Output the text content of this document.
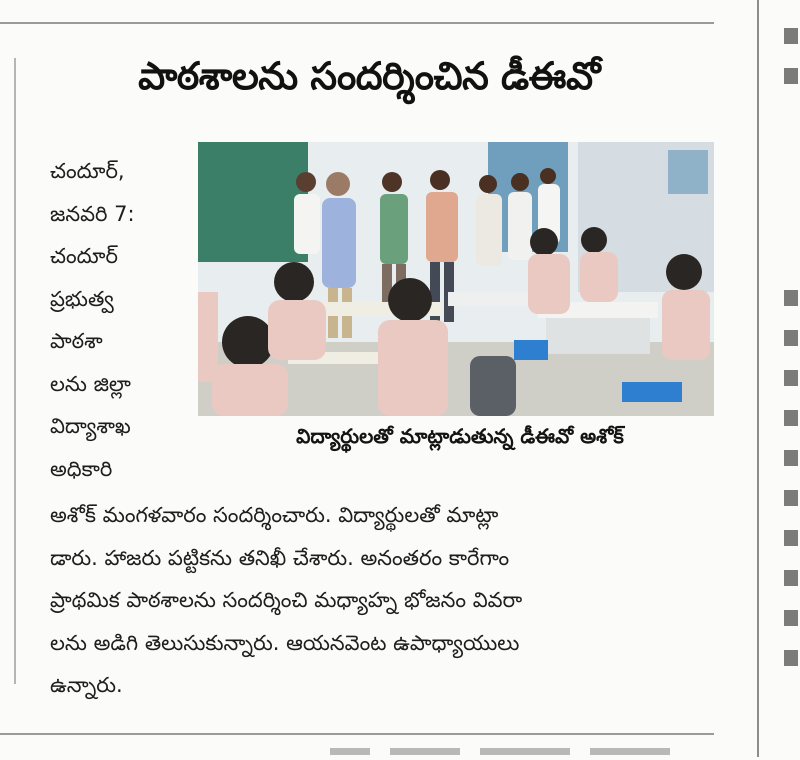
పాఠశాలను సందర్శించిన డీఈవో
చందూర్,
జనవరి 7:
చందూర్
ప్రభుత్వ
పాఠశా
లను జిల్లా
విద్యాశాఖ
అధికారి
విద్యార్థులతో మాట్లాడుతున్న డీఈవో అశోక్
అశోక్ మంగళవారం సందర్శించారు. విద్యార్థులతో మాట్లా
డారు. హాజరు పట్టికను తనిఖీ చేశారు. అనంతరం కారేగాం
ప్రాథమిక పాఠశాలను సందర్శించి మధ్యాహ్న భోజనం వివరా
లను అడిగి తెలుసుకున్నారు. ఆయనవెంట ఉపాధ్యాయులు
ఉన్నారు.
